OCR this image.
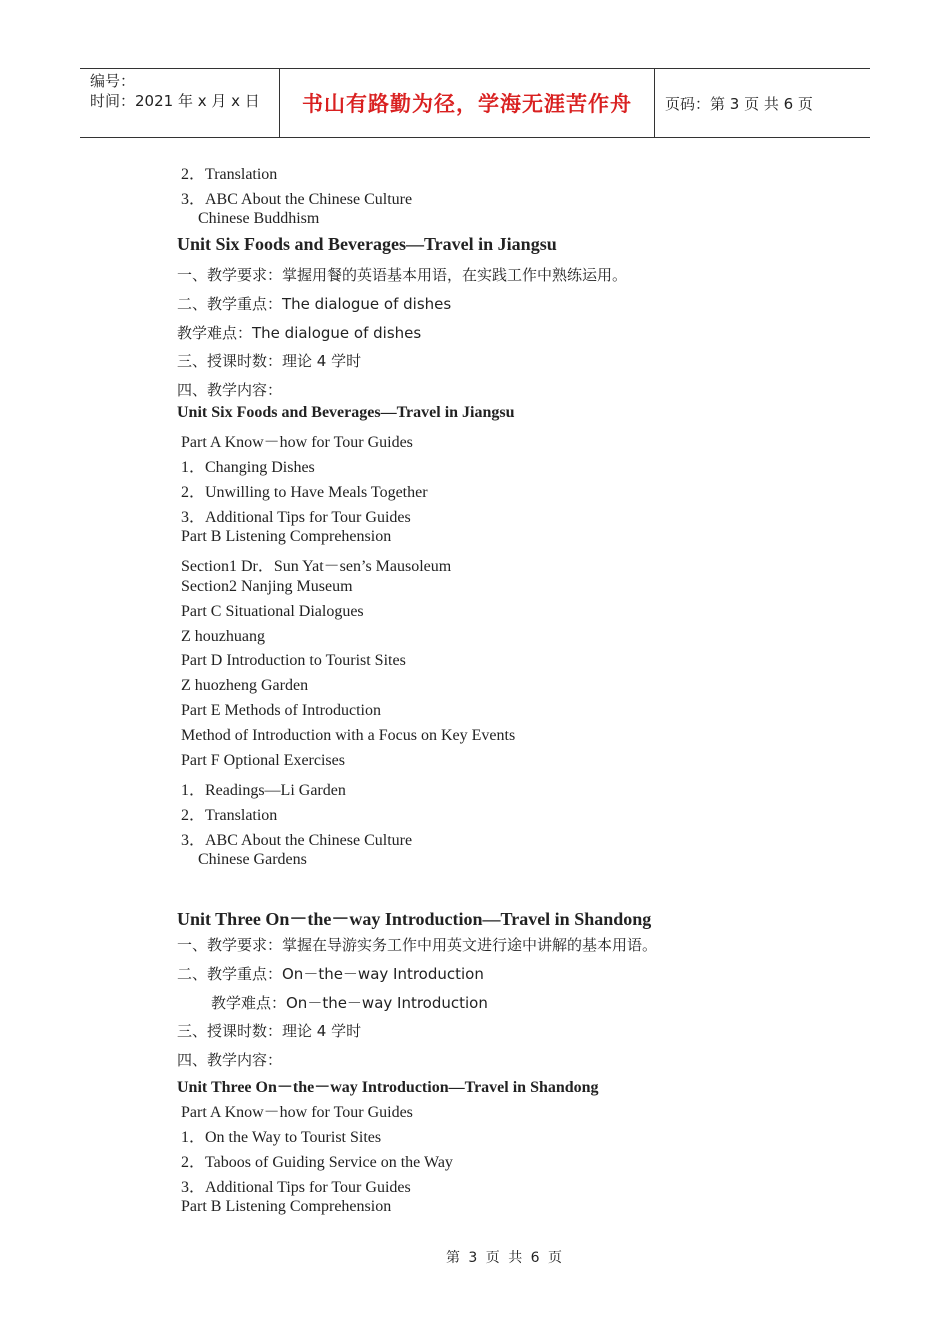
编号：
时间：2021 年 x 月 x 日	书山有路勤为径，学海无涯苦作舟	页码：第 3 页 共 6 页
2．Translation
3．ABC About the Chinese Culture
Chinese Buddhism
Unit Six Foods and Beverages—Travel in Jiangsu
一、教学要求：掌握用餐的英语基本用语，在实践工作中熟练运用。
二、教学重点：The dialogue of dishes
教学难点：The dialogue of dishes
三、授课时数：理论 4 学时
四、教学内容：
Unit Six Foods and Beverages—Travel in Jiangsu
Part A Know－how for Tour Guides
1．Changing Dishes
2．Unwilling to Have Meals Together
3．Additional Tips for Tour Guides
Part B Listening Comprehension
Section1 Dr．Sun Yat－sen’s Mausoleum
Section2 Nanjing Museum
Part C Situational Dialogues
Z houzhuang
Part D Introduction to Tourist Sites
Z huozheng Garden
Part E Methods of Introduction
Method of Introduction with a Focus on Key Events
Part F Optional Exercises
1．Readings—Li Garden
2．Translation
3．ABC About the Chinese Culture
Chinese Gardens
Unit Three On－the－way Introduction—Travel in Shandong
一、教学要求：掌握在导游实务工作中用英文进行途中讲解的基本用语。
二、教学重点：On－the－way Introduction
教学难点：On－the－way Introduction
三、授课时数：理论 4 学时
四、教学内容：
Unit Three On－the－way Introduction—Travel in Shandong
Part A Know－how for Tour Guides
1．On the Way to Tourist Sites
2．Taboos of Guiding Service on the Way
3．Additional Tips for Tour Guides
Part B Listening Comprehension
第 3 页 共 6 页
